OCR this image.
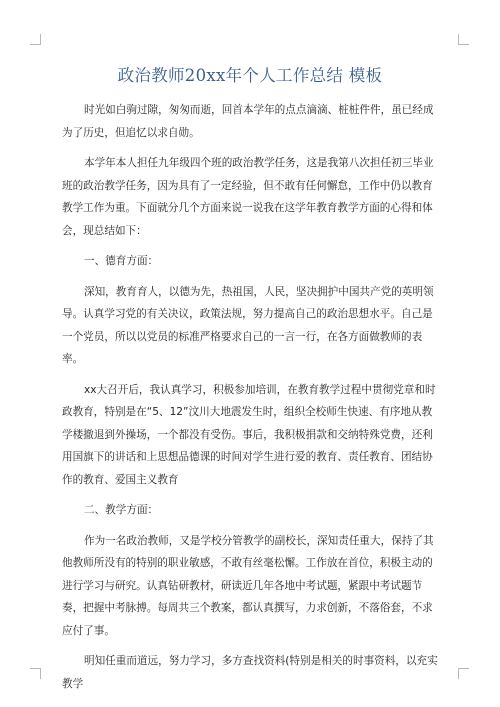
政治教师20xx年个人工作总结 模板

时光如白驹过隙，匆匆而逝，回首本学年的点点滴滴、桩桩件件，虽已经成为了历史，但追忆以求自勋。

本学年本人担任九年级四个班的政治教学任务，这是我第八次担任初三毕业班的政治教学任务，因为具有了一定经验，但不敢有任何懈怠，工作中仍以教育教学工作为重。下面就分几个方面来说一说我在这学年教育教学方面的心得和体会，现总结如下：

一、德育方面：

深知，教育育人，以德为先，热祖国，人民，坚决拥护中国共产党的英明领导。认真学习党的有关决议，政策法规，努力提高自己的政治思想水平。自己是一个党员，所以以党员的标准严格要求自己的一言一行，在各方面做教师的表率。

xx大召开后，我认真学习，积极参加培训，在教育教学过程中贯彻党章和时政教育，特别是在“5、12”汶川大地震发生时，组织全校师生快速、有序地从教学楼撤退到外操场，一个都没有受伤。事后，我积极捐款和交纳特殊党费，还利用国旗下的讲话和上思想品德课的时间对学生进行爱的教育、责任教育、团结协作的教育、爱国主义教育

二、教学方面：

作为一名政治教师，又是学校分管教学的副校长，深知责任重大，保持了其他教师所没有的特别的职业敏感，不敢有丝毫松懈。工作放在首位，积极主动的进行学习与研究。认真钻研教材，研读近几年各地中考试题，紧跟中考试题节奏，把握中考脉搏。每周共三个教案，都认真撰写，力求创新，不落俗套，不求应付了事。

明知任重而道远，努力学习，多方查找资料(特别是相关的时事资料，以充实教学
